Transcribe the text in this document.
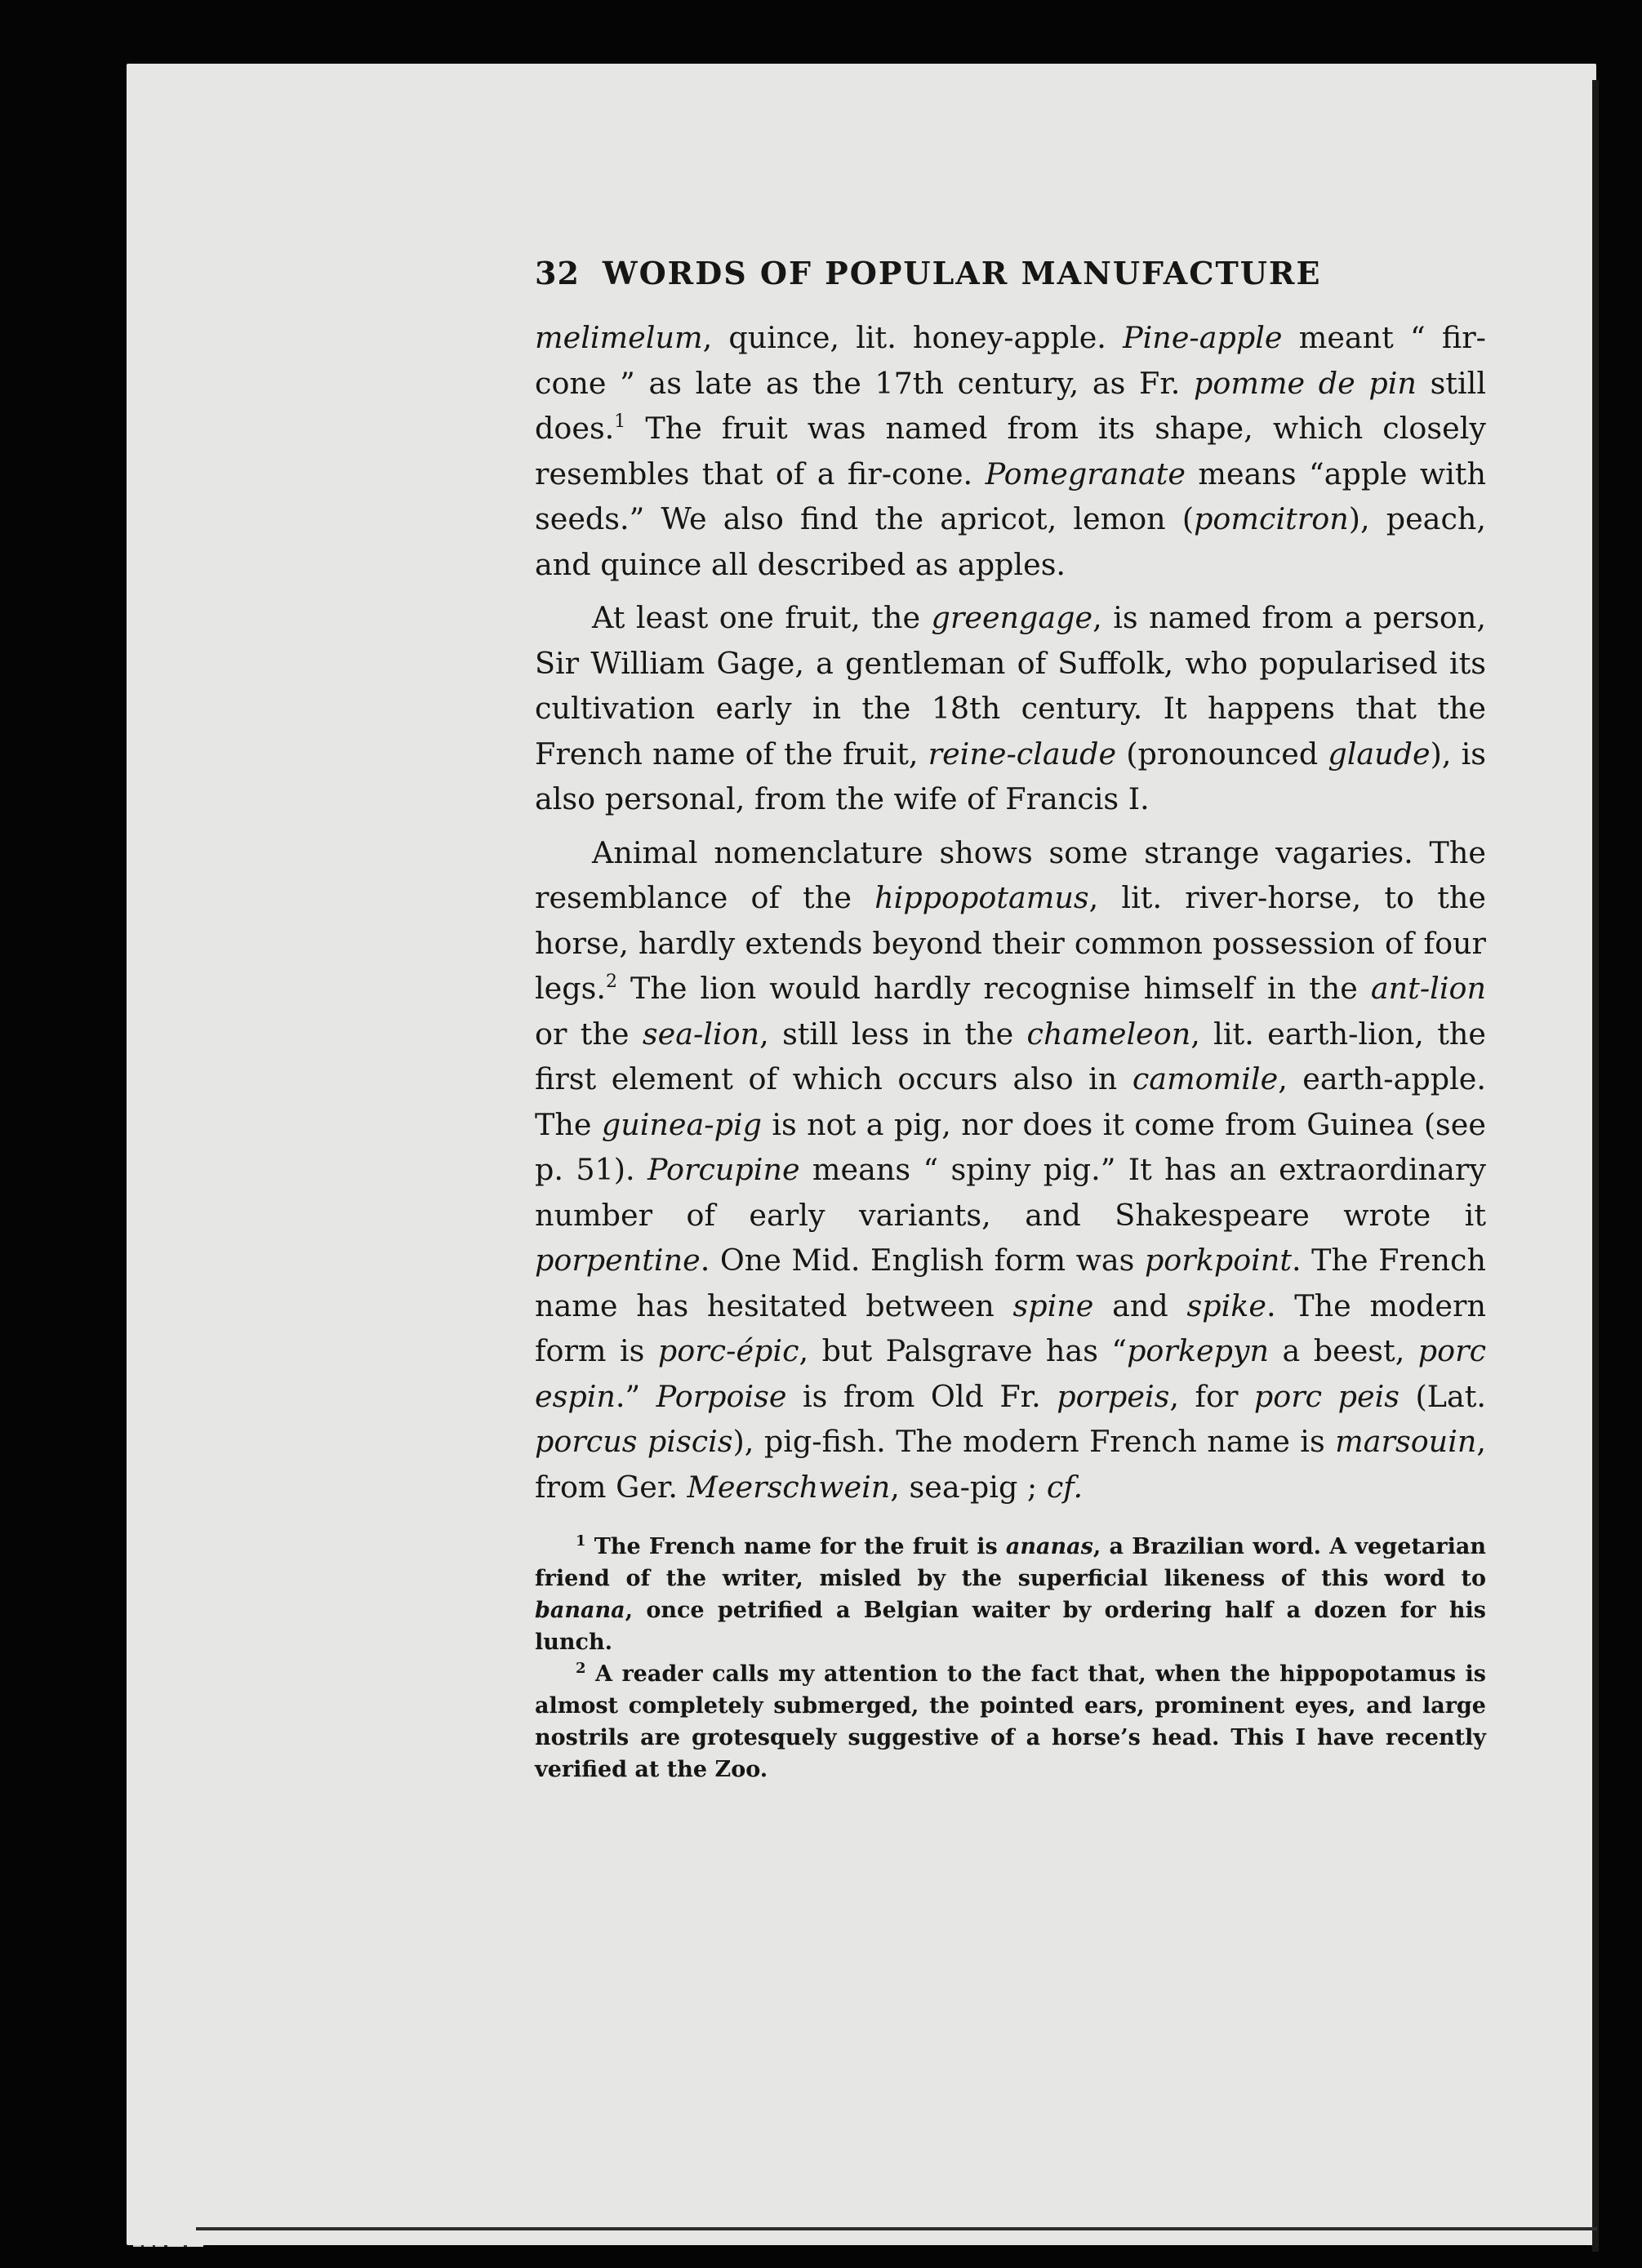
32 WORDS OF POPULAR MANUFACTURE

melimelum, quince, lit. honey-apple. Pine-apple meant “ fir-cone ” as late as the 17th century, as Fr. pomme de pin still does.$^1$ The fruit was named from its shape, which closely resembles that of a fir-cone. Pomegranate means “apple with seeds.” We also find the apricot, lemon (pomcitron), peach, and quince all described as apples.

At least one fruit, the greengage, is named from a person, Sir William Gage, a gentleman of Suffolk, who popularised its cultivation early in the 18th century. It happens that the French name of the fruit, reine-claude (pronounced glaude), is also personal, from the wife of Francis I.

Animal nomenclature shows some strange vagaries. The resemblance of the hippopotamus, lit. river-horse, to the horse, hardly extends beyond their common possession of four legs.$^2$ The lion would hardly recognise himself in the ant-lion or the sea-lion, still less in the chameleon, lit. earth-lion, the first element of which occurs also in camomile, earth-apple. The guinea-pig is not a pig, nor does it come from Guinea (see p. 51). Porcupine means “ spiny pig.” It has an extraordinary number of early variants, and Shakespeare wrote it porpentine. One Mid. English form was porkpoint. The French name has hesitated between spine and spike. The modern form is porc-épic, but Palsgrave has “porkepyn a beest, porc espin.” Porpoise is from Old Fr. porpeis, for porc peis (Lat. porcus piscis), pig-fish. The modern French name is marsouin, from Ger. Meerschwein, sea-pig ; cf.

$^1$ The French name for the fruit is ananas, a Brazilian word. A vegetarian friend of the writer, misled by the superficial likeness of this word to banana, once petrified a Belgian waiter by ordering half a dozen for his lunch.

$^2$ A reader calls my attention to the fact that, when the hippopotamus is almost completely submerged, the pointed ears, prominent eyes, and large nostrils are grotesquely suggestive of a horse’s head. This I have recently verified at the Zoo.
